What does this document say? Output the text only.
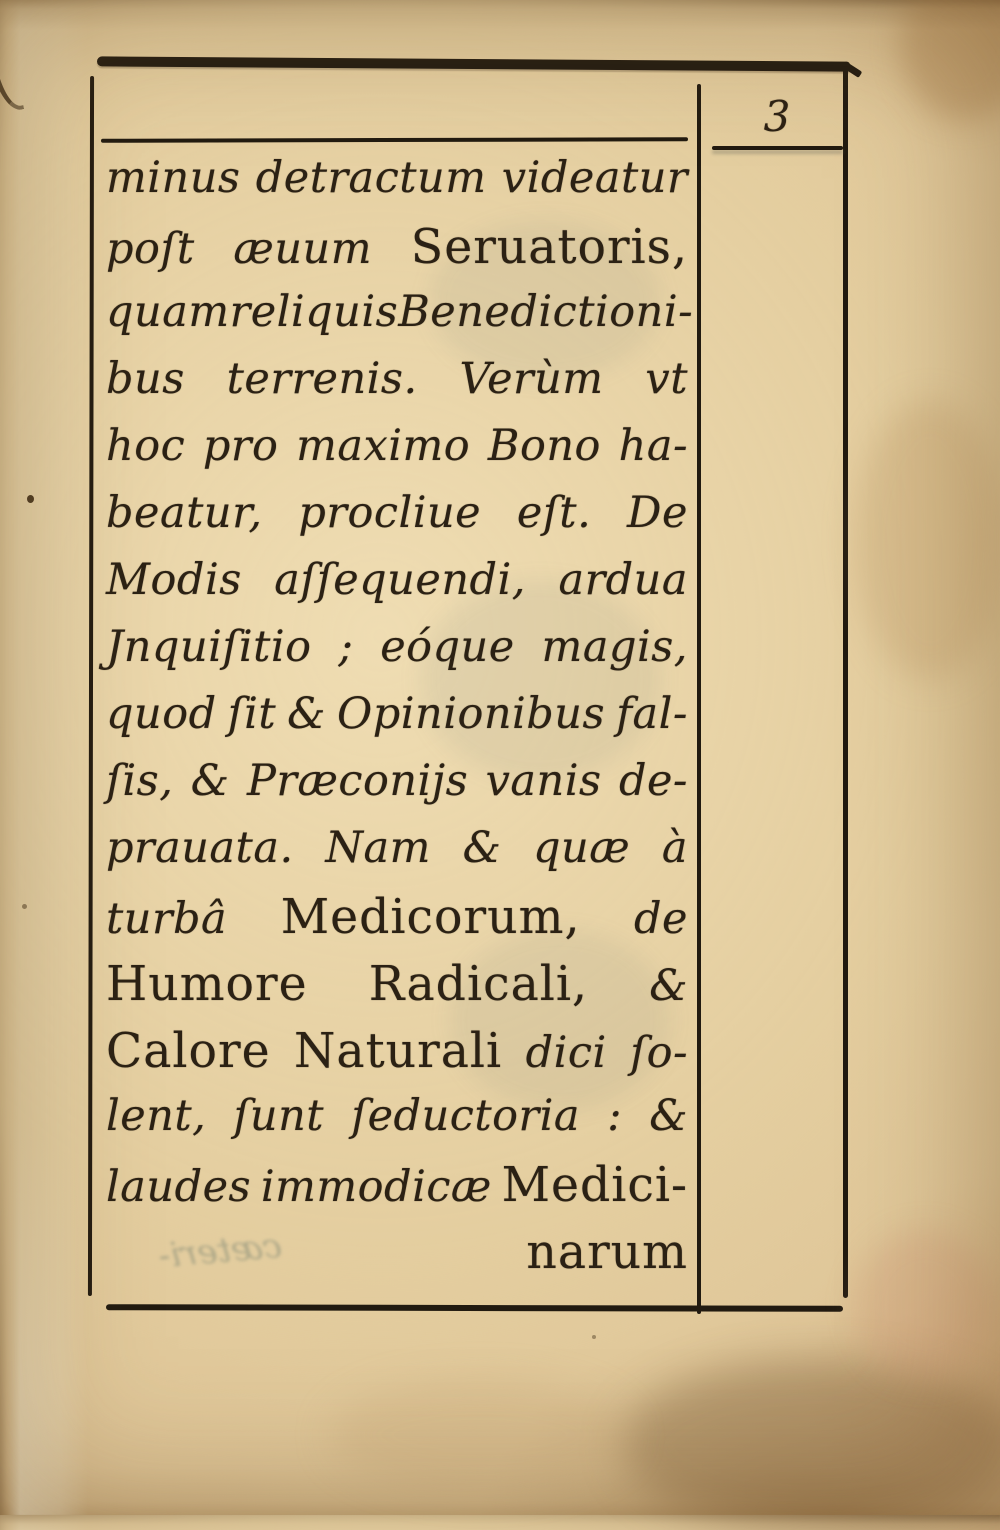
3
minus detractum videatur
poſt æuum Seruatoris,
quam reliquis Benedictioni-
bus terrenis. Verùm vt
hoc pro maximo Bono ha-
beatur, procliue eſt. De
Modis aſſequendi, ardua
Jnquiſitio ; eóque magis,
quod ſit & Opinionibus fal-
ſis, & Præconijs vanis de-
prauata. Nam & quæ à
turbâ Medicorum, de
Humore Radicali, &
Calore Naturali dici ſo-
lent, ſunt ſeductoria : &
laudes immodicæ Medici-
narum
cæteri-
